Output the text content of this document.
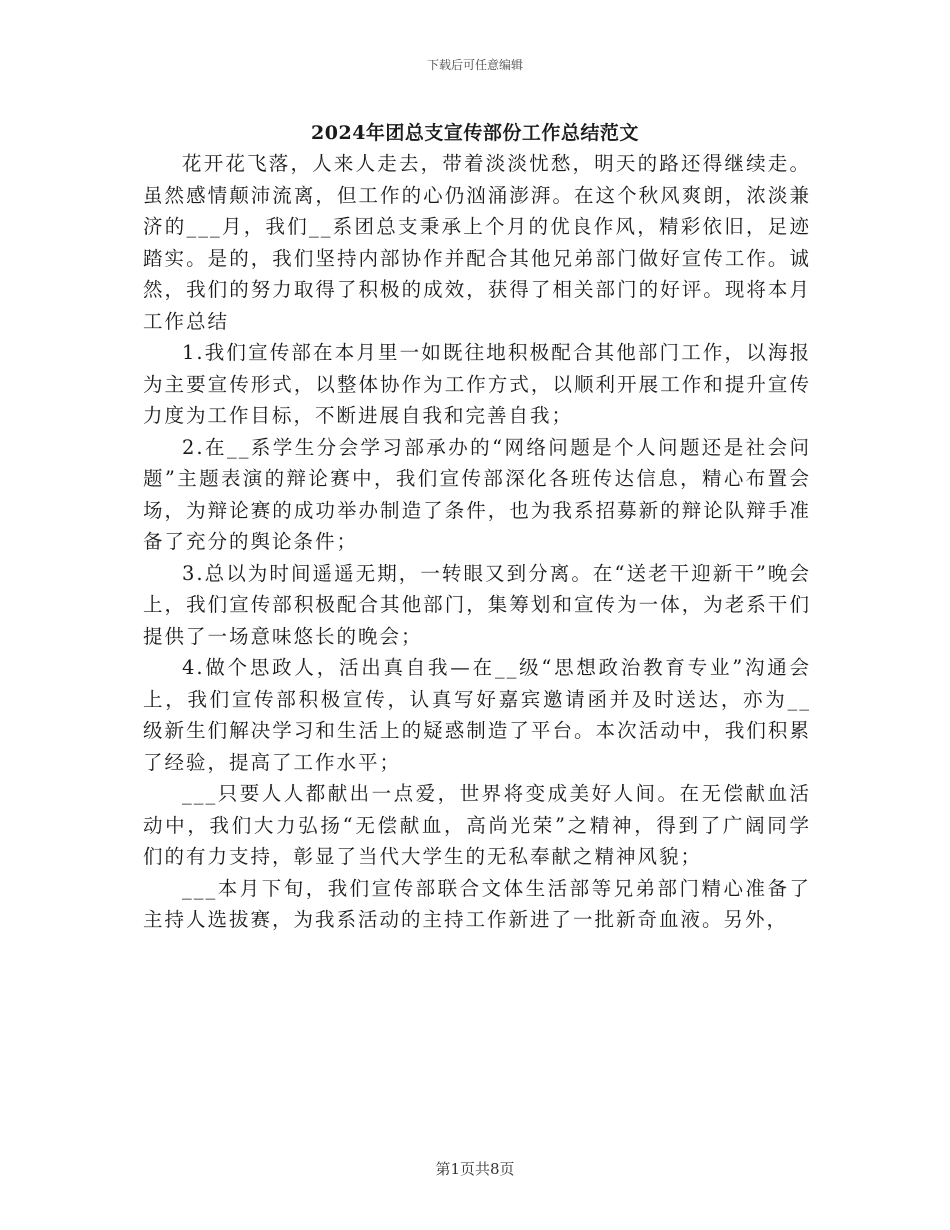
下载后可任意编辑
2024年团总支宣传部份工作总结范文

花开花飞落，人来人走去，带着淡淡忧愁，明天的路还得继续走。虽然感情颠沛流离，但工作的心仍汹涌澎湃。在这个秋风爽朗，浓淡兼济的___月，我们__系团总支秉承上个月的优良作风，精彩依旧，足迹踏实。是的，我们坚持内部协作并配合其他兄弟部门做好宣传工作。诚然，我们的努力取得了积极的成效，获得了相关部门的好评。现将本月工作总结

1.我们宣传部在本月里一如既往地积极配合其他部门工作，以海报为主要宣传形式，以整体协作为工作方式，以顺利开展工作和提升宣传力度为工作目标，不断进展自我和完善自我；

2.在__系学生分会学习部承办的“网络问题是个人问题还是社会问题”主题表演的辩论赛中，我们宣传部深化各班传达信息，精心布置会场，为辩论赛的成功举办制造了条件，也为我系招募新的辩论队辩手准备了充分的舆论条件；

3.总以为时间遥遥无期，一转眼又到分离。在“送老干迎新干”晚会上，我们宣传部积极配合其他部门，集筹划和宣传为一体，为老系干们提供了一场意味悠长的晚会；

4.做个思政人，活出真自我—在__级“思想政治教育专业”沟通会上，我们宣传部积极宣传，认真写好嘉宾邀请函并及时送达，亦为__级新生们解决学习和生活上的疑惑制造了平台。本次活动中，我们积累了经验，提高了工作水平；

___只要人人都献出一点爱，世界将变成美好人间。在无偿献血活动中，我们大力弘扬“无偿献血，高尚光荣”之精神，得到了广阔同学们的有力支持，彰显了当代大学生的无私奉献之精神风貌；

___本月下旬，我们宣传部联合文体生活部等兄弟部门精心准备了主持人选拔赛，为我系活动的主持工作新进了一批新奇血液。另外，

第1页共8页
